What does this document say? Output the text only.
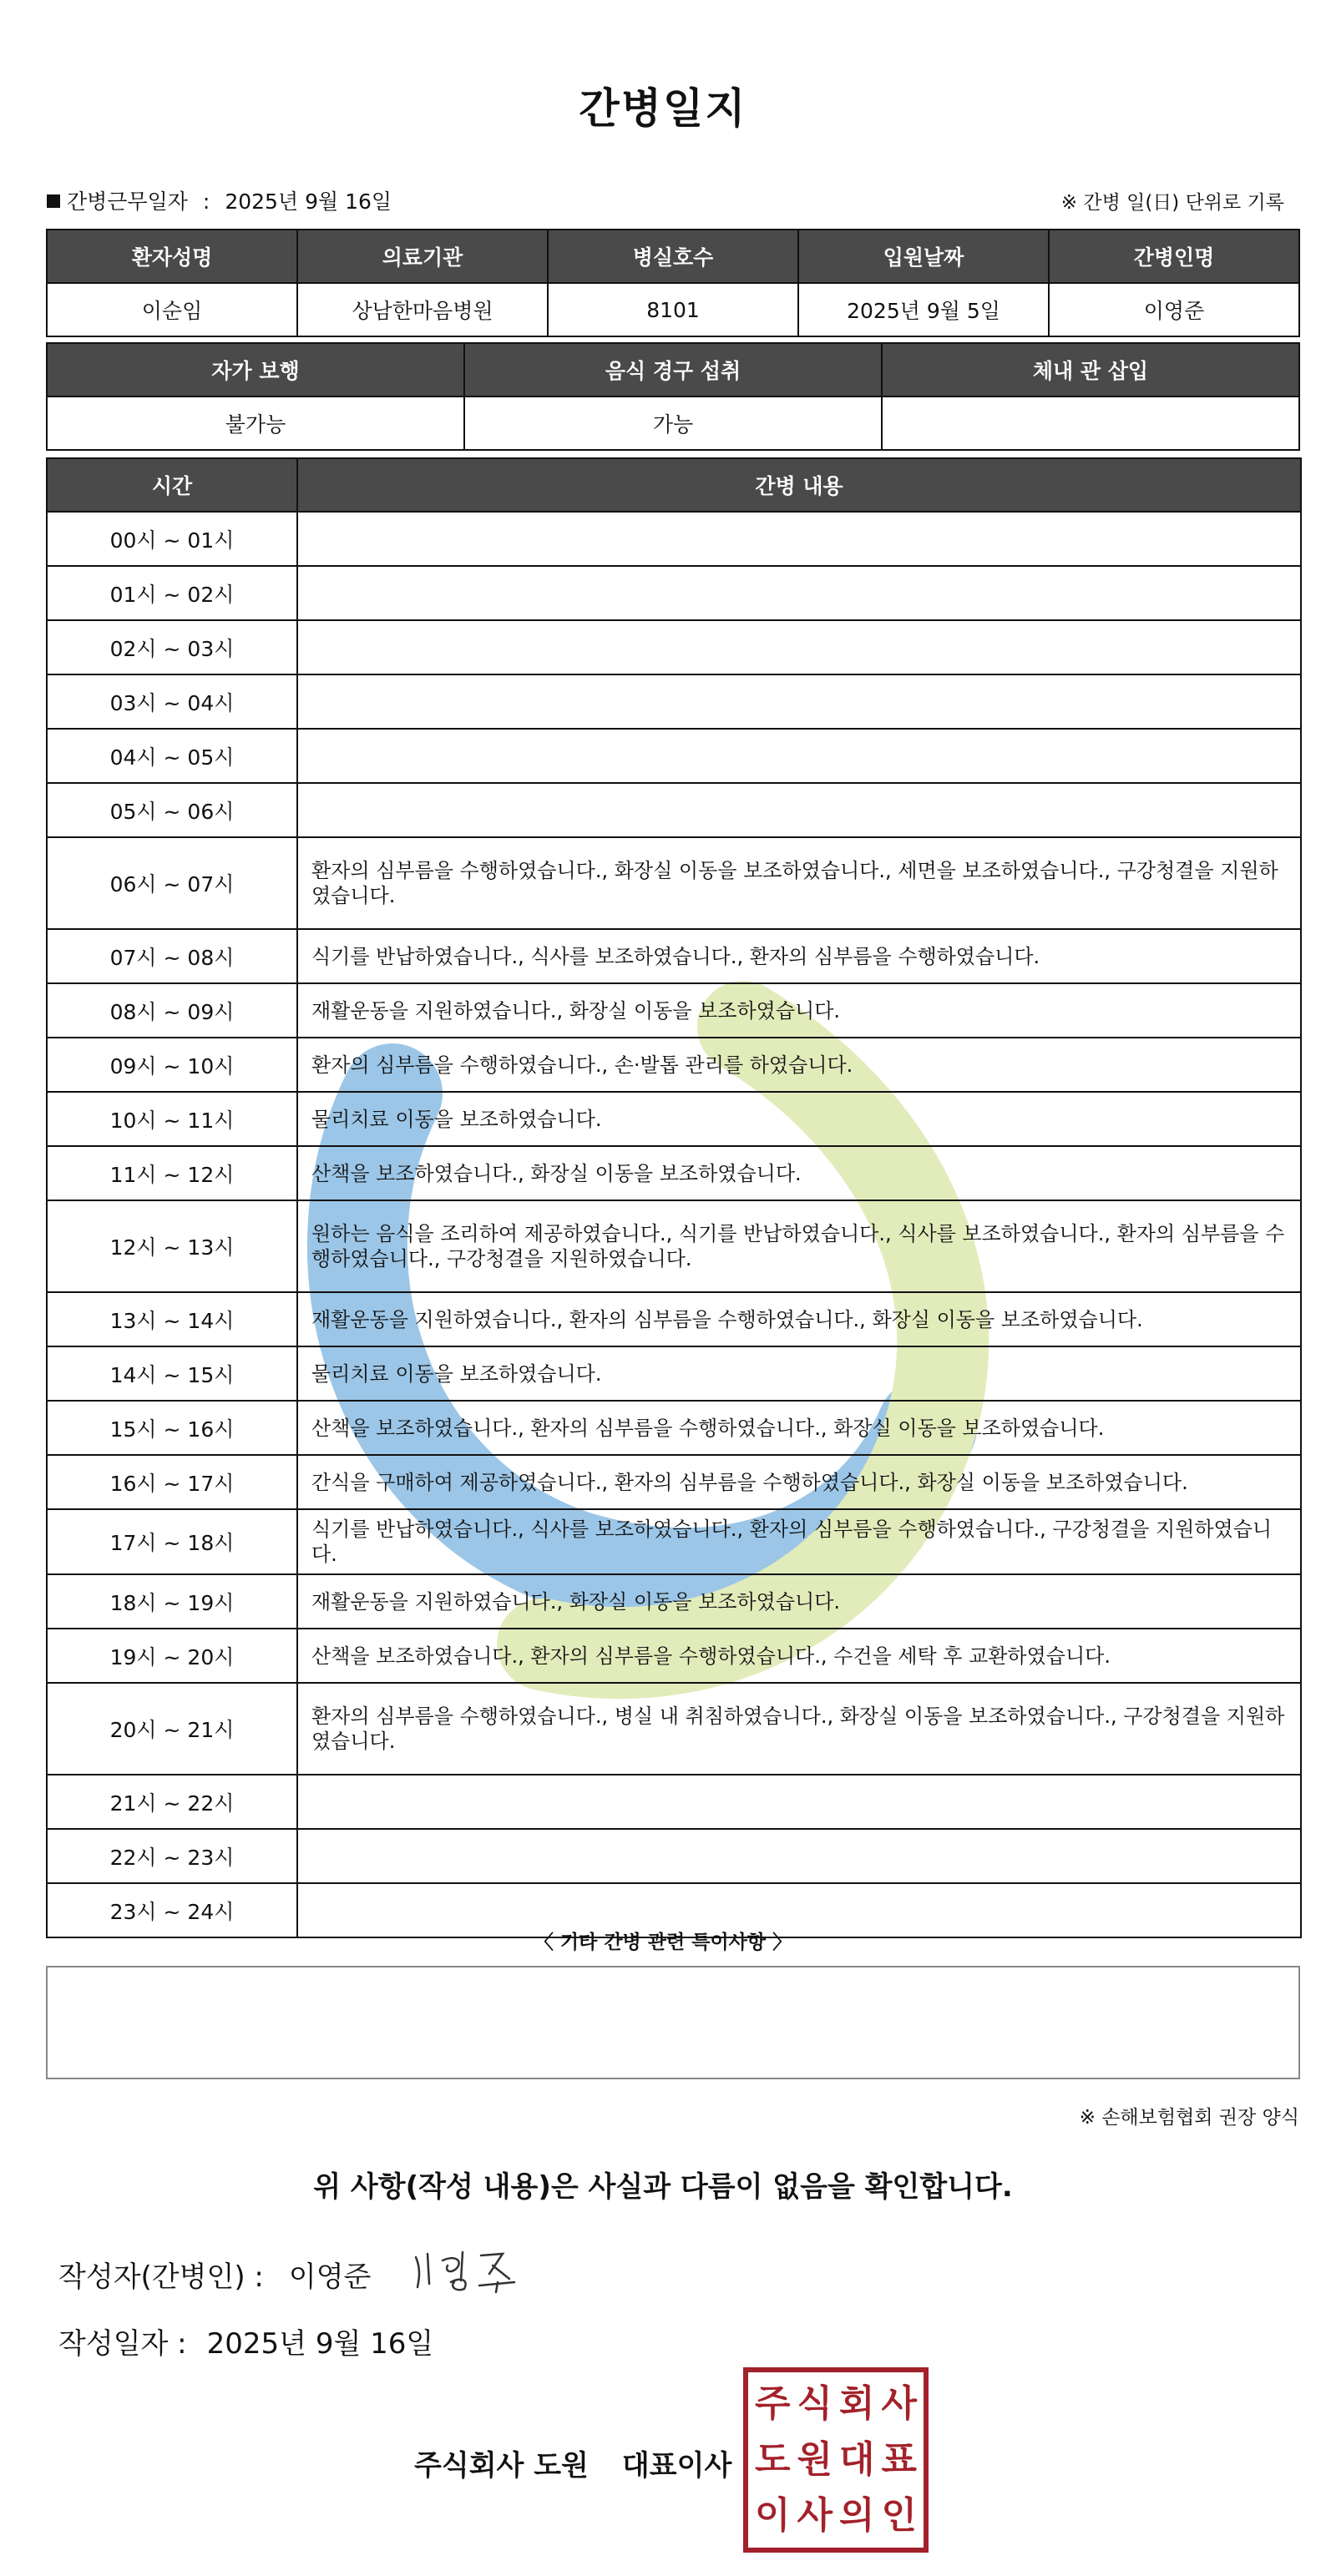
간병일지
간병근무일자 : 2025년 9월 16일	※ 간병 일(日) 단위로 기록
환자성명	의료기관	병실호수	입원날짜	간병인명
이순임	상남한마음병원	8101	2025년 9월 5일	이영준
자가 보행	음식 경구 섭취	체내 관 삽입
불가능	가능	
시간	간병 내용
00시 ~ 01시	
01시 ~ 02시	
02시 ~ 03시	
03시 ~ 04시	
04시 ~ 05시	
05시 ~ 06시	
06시 ~ 07시	환자의 심부름을 수행하였습니다., 화장실 이동을 보조하였습니다., 세면을 보조하였습니다., 구강청결을 지원하였습니다.
07시 ~ 08시	식기를 반납하였습니다., 식사를 보조하였습니다., 환자의 심부름을 수행하였습니다.
08시 ~ 09시	재활운동을 지원하였습니다., 화장실 이동을 보조하였습니다.
09시 ~ 10시	환자의 심부름을 수행하였습니다., 손·발톱 관리를 하였습니다.
10시 ~ 11시	물리치료 이동을 보조하였습니다.
11시 ~ 12시	산책을 보조하였습니다., 화장실 이동을 보조하였습니다.
12시 ~ 13시	원하는 음식을 조리하여 제공하였습니다., 식기를 반납하였습니다., 식사를 보조하였습니다., 환자의 심부름을 수행하였습니다., 구강청결을 지원하였습니다.
13시 ~ 14시	재활운동을 지원하였습니다., 환자의 심부름을 수행하였습니다., 화장실 이동을 보조하였습니다.
14시 ~ 15시	물리치료 이동을 보조하였습니다.
15시 ~ 16시	산책을 보조하였습니다., 환자의 심부름을 수행하였습니다., 화장실 이동을 보조하였습니다.
16시 ~ 17시	간식을 구매하여 제공하였습니다., 환자의 심부름을 수행하였습니다., 화장실 이동을 보조하였습니다.
17시 ~ 18시	식기를 반납하였습니다., 식사를 보조하였습니다., 환자의 심부름을 수행하였습니다., 구강청결을 지원하였습니다.
18시 ~ 19시	재활운동을 지원하였습니다., 화장실 이동을 보조하였습니다.
19시 ~ 20시	산책을 보조하였습니다., 환자의 심부름을 수행하였습니다., 수건을 세탁 후 교환하였습니다.
20시 ~ 21시	환자의 심부름을 수행하였습니다., 병실 내 취침하였습니다., 화장실 이동을 보조하였습니다., 구강청결을 지원하였습니다.
21시 ~ 22시	
22시 ~ 23시	
23시 ~ 24시	
〈 기타 간병 관련 특이사항 〉
※ 손해보험협회 권장 양식
위 사항(작성 내용)은 사실과 다름이 없음을 확인합니다.
작성자(간병인) : 이영준
작성일자 : 2025년 9월 16일
주식회사 도원 대표이사
주 식 회 사
도 원 대 표
이 사 의 인
